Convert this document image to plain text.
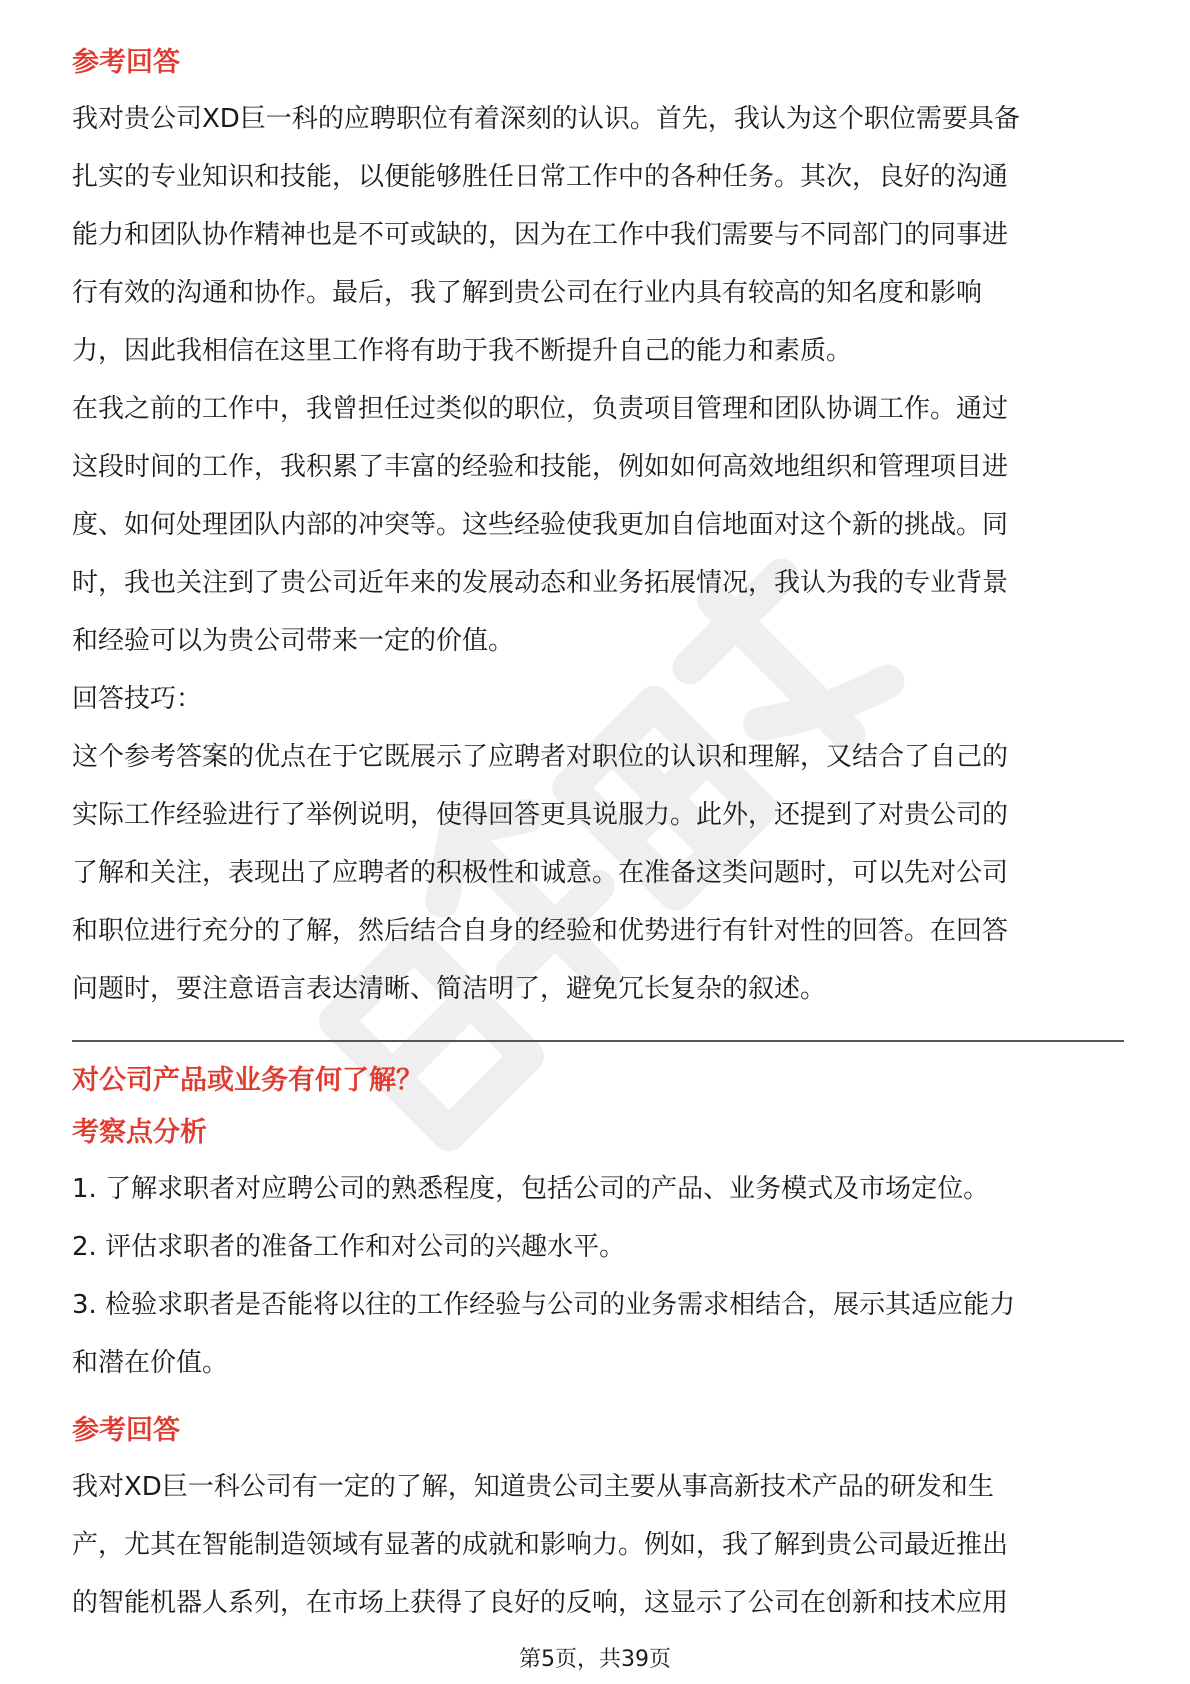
参考回答

我对贵公司XD巨一科的应聘职位有着深刻的认识。首先，我认为这个职位需要具备
扎实的专业知识和技能，以便能够胜任日常工作中的各种任务。其次，良好的沟通
能力和团队协作精神也是不可或缺的，因为在工作中我们需要与不同部门的同事进
行有效的沟通和协作。最后，我了解到贵公司在行业内具有较高的知名度和影响
力，因此我相信在这里工作将有助于我不断提升自己的能力和素质。

在我之前的工作中，我曾担任过类似的职位，负责项目管理和团队协调工作。通过
这段时间的工作，我积累了丰富的经验和技能，例如如何高效地组织和管理项目进
度、如何处理团队内部的冲突等。这些经验使我更加自信地面对这个新的挑战。同
时，我也关注到了贵公司近年来的发展动态和业务拓展情况，我认为我的专业背景
和经验可以为贵公司带来一定的价值。

回答技巧：

这个参考答案的优点在于它既展示了应聘者对职位的认识和理解，又结合了自己的
实际工作经验进行了举例说明，使得回答更具说服力。此外，还提到了对贵公司的
了解和关注，表现出了应聘者的积极性和诚意。在准备这类问题时，可以先对公司
和职位进行充分的了解，然后结合自身的经验和优势进行有针对性的回答。在回答
问题时，要注意语言表达清晰、简洁明了，避免冗长复杂的叙述。

对公司产品或业务有何了解？
考察点分析

1. 了解求职者对应聘公司的熟悉程度，包括公司的产品、业务模式及市场定位。

2. 评估求职者的准备工作和对公司的兴趣水平。

3. 检验求职者是否能将以往的工作经验与公司的业务需求相结合，展示其适应能力
和潜在价值。

参考回答

我对XD巨一科公司有一定的了解，知道贵公司主要从事高新技术产品的研发和生
产，尤其在智能制造领域有显著的成就和影响力。例如，我了解到贵公司最近推出
的智能机器人系列，在市场上获得了良好的反响，这显示了公司在创新和技术应用

第5页，共39页
